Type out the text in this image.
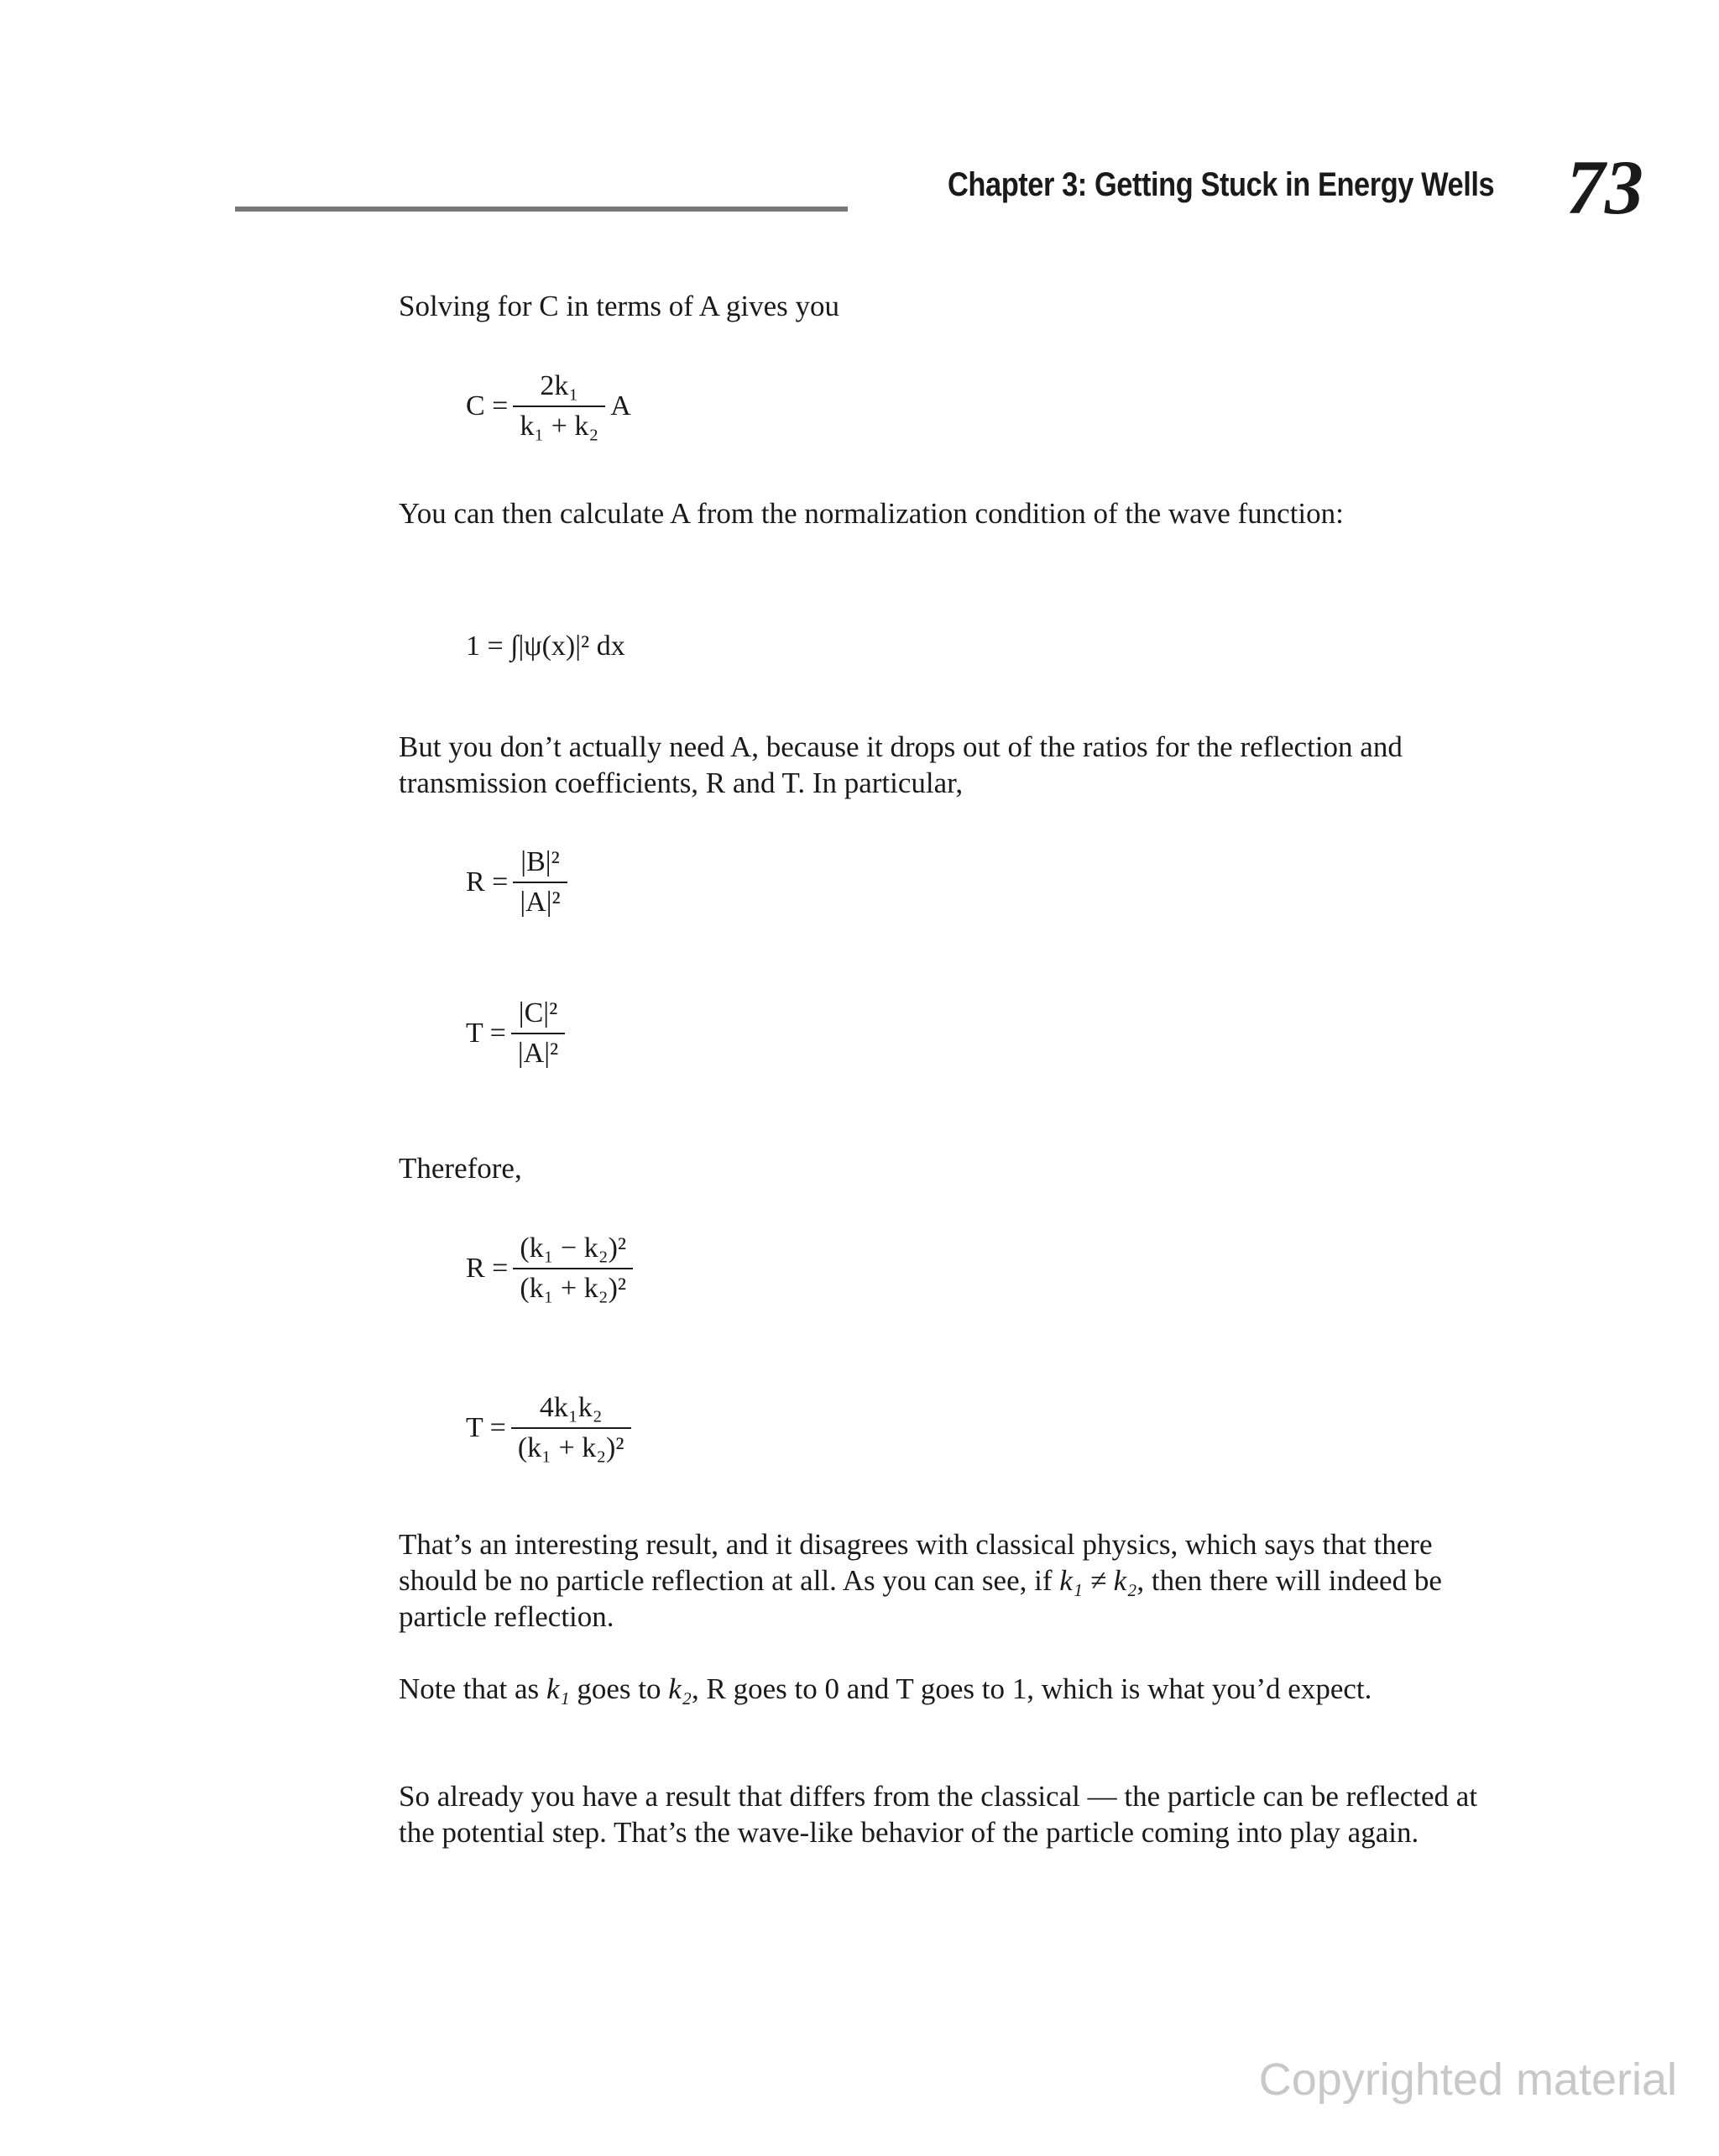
Chapter 3: Getting Stuck in Energy Wells 73
Solving for C in terms of A gives you
$C = \frac{\text{2k₁}}{\text{k₁ + k₂}}$ A
You can then calculate A from the normalization condition of the wave function:
1 = ∫|ψ(x)|² dx
But you don’t actually need A, because it drops out of the ratios for the reflection and transmission coefficients, R and T. In particular,
$R = \frac{\text{|B|²}}{\text{|A|²}}$
$T = \frac{\text{|C|²}}{\text{|A|²}}$
Therefore,
$R = \frac{\text{(k₁ − k₂)²}}{\text{(k₁ + k₂)²}}$
$T = \frac{\text{4k₁k₂}}{\text{(k₁ + k₂)²}}$
That’s an interesting result, and it disagrees with classical physics, which says that there should be no particle reflection at all. As you can see, if k₁ ≠ k₂, then there will indeed be particle reflection.
Note that as k₁ goes to k₂, R goes to 0 and T goes to 1, which is what you’d expect.
So already you have a result that differs from the classical — the particle can be reflected at the potential step. That’s the wave-like behavior of the particle coming into play again.
Copyrighted material
